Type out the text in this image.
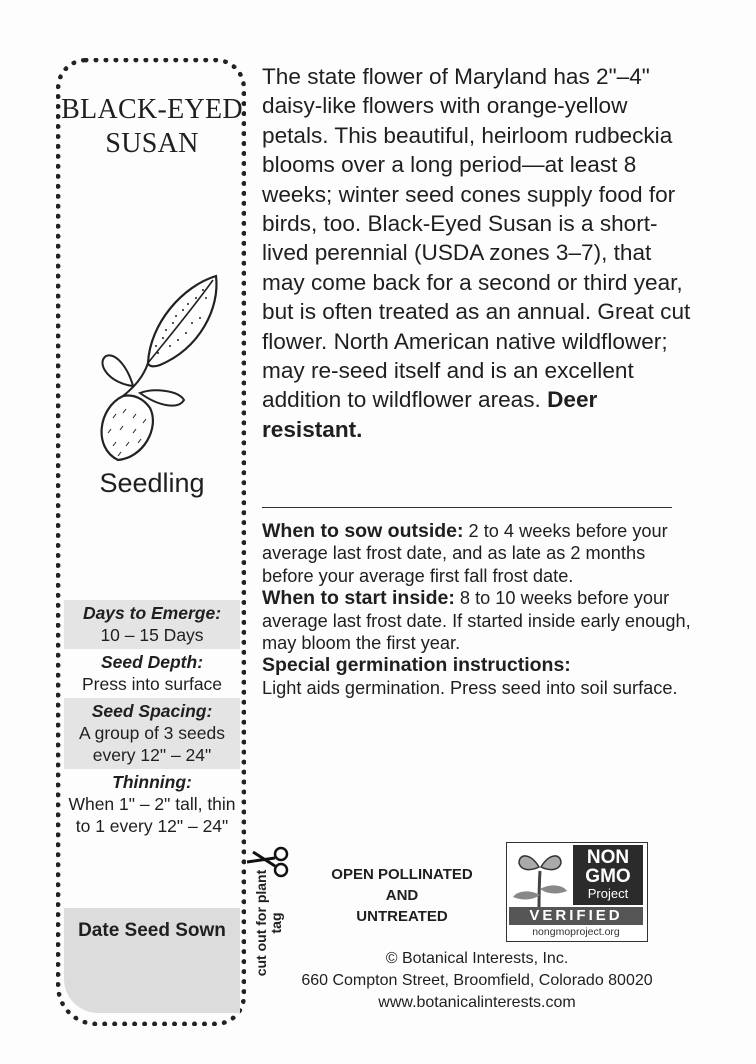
BLACK-EYED
SUSAN
Seedling
Days to Emerge:
10 – 15 Days
Seed Depth:
Press into surface
Seed Spacing:
A group of 3 seeds every 12" – 24"
Thinning:
When 1" – 2" tall, thin to 1 every 12" – 24"
Date Seed Sown
The state flower of Maryland has 2"–4" daisy-like flowers with orange-yellow petals. This beautiful, heirloom rudbeckia blooms over a long period—at least 8 weeks; winter seed cones supply food for birds, too. Black-Eyed Susan is a short-lived perennial (USDA zones 3–7), that may come back for a second or third year, but is often treated as an annual. Great cut flower. North American native wildflower; may re-seed itself and is an excellent addition to wildflower areas. Deer resistant.

When to sow outside: 2 to 4 weeks before your average last frost date, and as late as 2 months before your average first fall frost date.

When to start inside: 8 to 10 weeks before your average last frost date. If started inside early enough, may bloom the first year.

Special germination instructions:
Light aids germination. Press seed into soil surface.

cut out for plant tag
OPEN POLLINATED
AND
UNTREATED
NON
GMO
Project
VERIFIED
nongmoproject.org
© Botanical Interests, Inc.
660 Compton Street, Broomfield, Colorado 80020
www.botanicalinterests.com
